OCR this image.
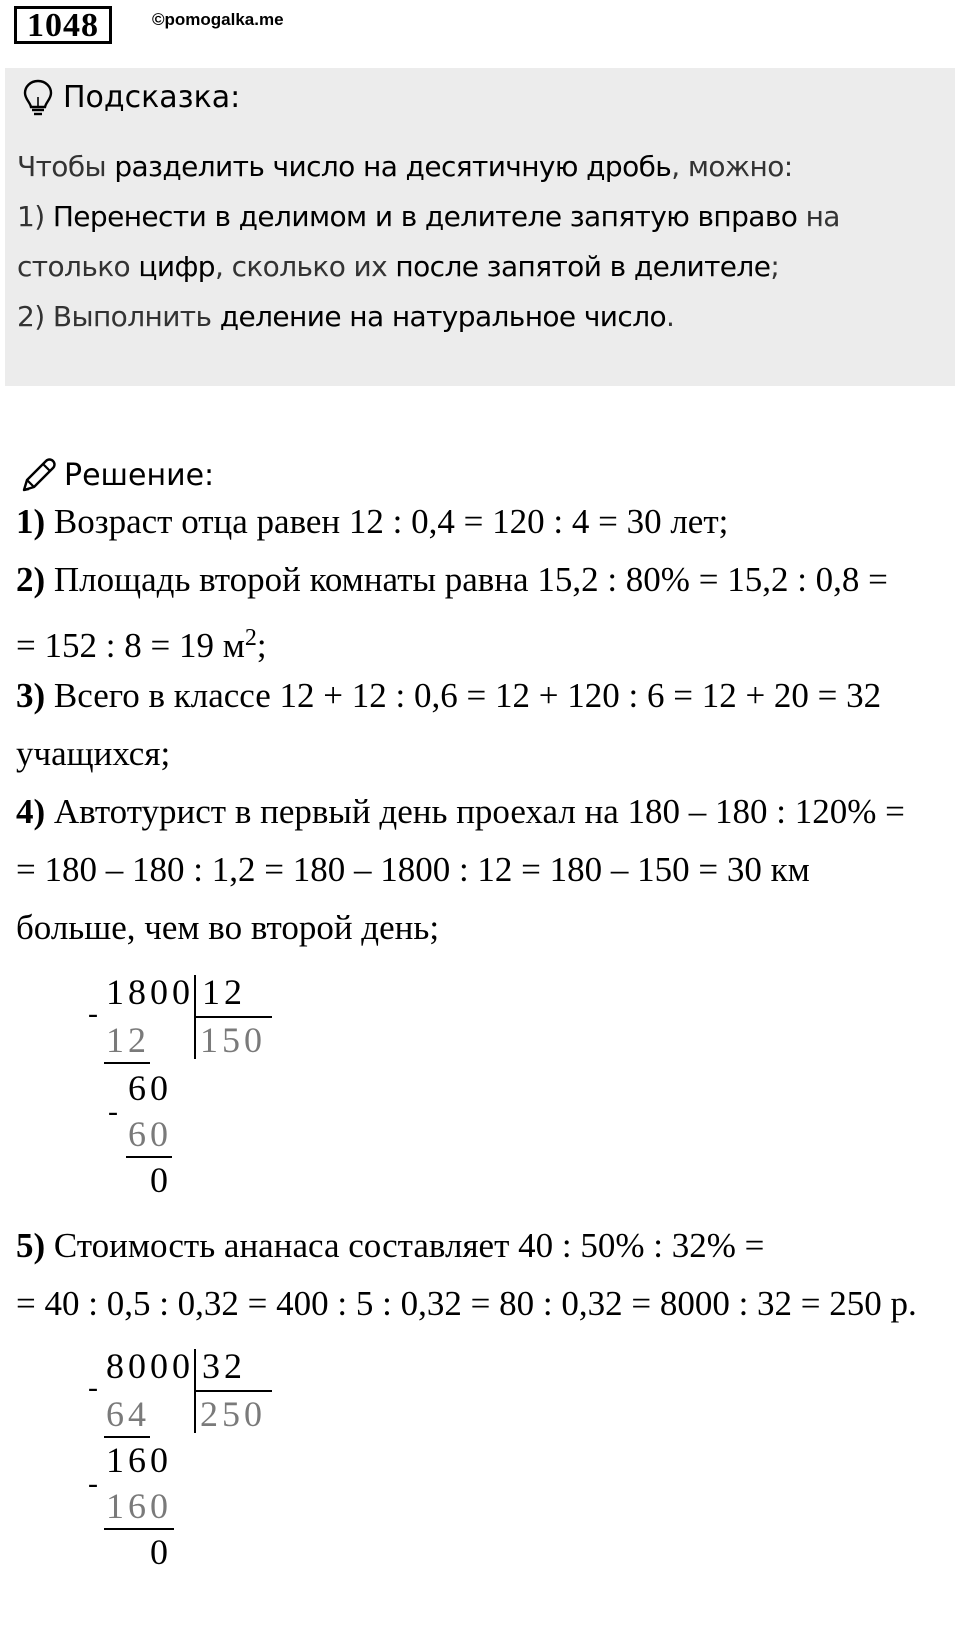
1048	©pomogalka.me
Подсказка:
Чтобы разделить число на десятичную дробь, можно:
1) Перенести в делимом и в делителе запятую вправо на
столько цифр, сколько их после запятой в делителе;
2) Выполнить деление на натуральное число.
Решение:
1) Возраст отца равен 12 : 0,4 = 120 : 4 = 30 лет;
2) Площадь второй комнаты равна 15,2 : 80% = 15,2 : 0,8 =
= 152 : 8 = 19 $м^2$;
3) Всего в классе 12 + 12 : 0,6 = 12 + 120 : 6 = 12 + 20 = 32
учащихся;
4) Автотурист в первый день проехал на 180 – 180 : 120% =
= 180 – 180 : 1,2 = 180 – 1800 : 12 = 180 – 150 = 30 км
больше, чем во второй день;
1800 12
150
-
12
60
-
60
0
5) Стоимость ананаса составляет 40 : 50% : 32% =
= 40 : 0,5 : 0,32 = 400 : 5 : 0,32 = 80 : 0,32 = 8000 : 32 = 250 р.
8000 32
250
-
64
160
-
160
0
